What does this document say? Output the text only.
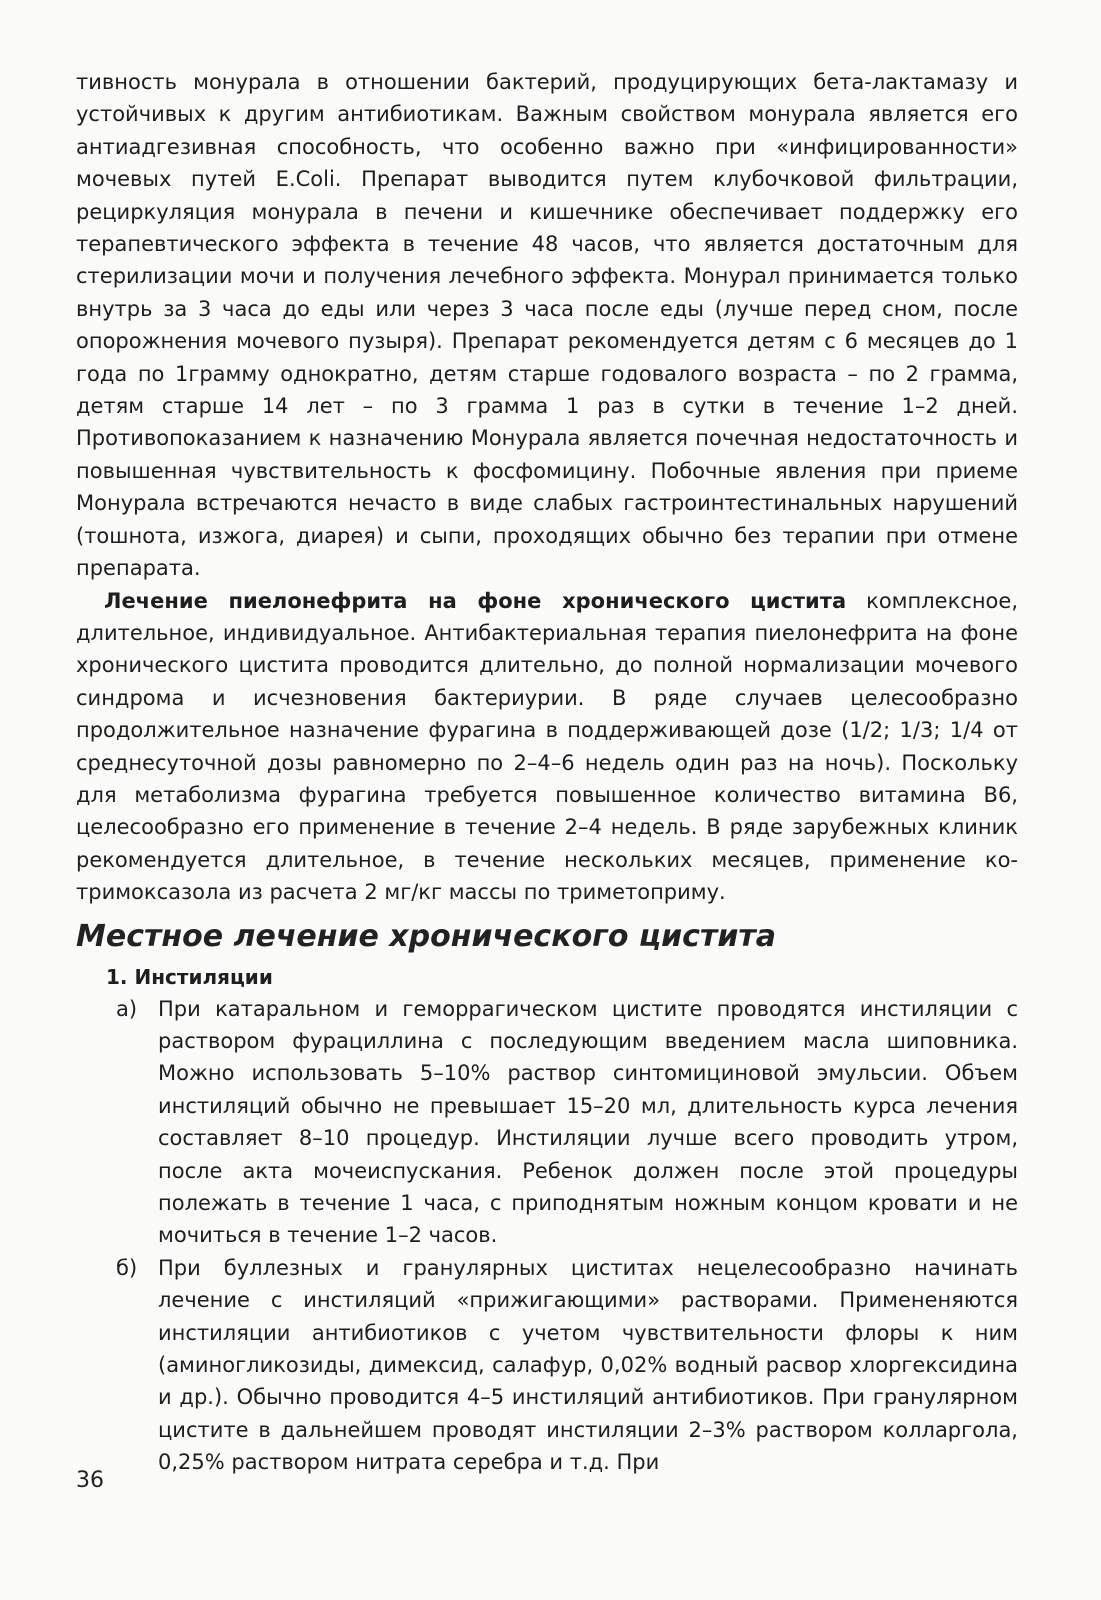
тивность монурала в отношении бактерий, продуцирующих бета-лактамазу и устойчивых к другим антибиотикам. Важным свойством монурала является его антиадгезивная способность, что особенно важно при «инфицированности» мочевых путей E.Coli. Препарат выводится путем клубочковой фильтрации, рециркуляция монурала в печени и кишечнике обеспечивает поддержку его терапевтического эффекта в течение 48 часов, что является достаточным для стерилизации мочи и получения лечебного эффекта. Монурал принимается только внутрь за 3 часа до еды или через 3 часа после еды (лучше перед сном, после опорожнения мочевого пузыря). Препарат рекомендуется детям с 6 месяцев до 1 года по 1грамму однократно, детям старше годовалого возраста – по 2 грамма, детям старше 14 лет – по 3 грамма 1 раз в сутки в течение 1–2 дней. Противопоказанием к назначению Монурала является почечная недостаточность и повышенная чувствительность к фосфомицину. Побочные явления при приеме Монурала встречаются нечасто в виде слабых гастроинтестинальных нарушений (тошнота, изжога, диарея) и сыпи, проходящих обычно без терапии при отмене препарата.

Лечение пиелонефрита на фоне хронического цистита комплексное, длительное, индивидуальное. Антибактериальная терапия пиелонефрита на фоне хронического цистита проводится длительно, до полной нормализации мочевого синдрома и исчезновения бактериурии. В ряде случаев целесообразно продолжительное назначение фурагина в поддерживающей дозе (1/2; 1/3; 1/4 от среднесуточной дозы равномерно по 2–4–6 недель один раз на ночь). Поскольку для метаболизма фурагина требуется повышенное количество витамина В6, целесообразно его применение в течение 2–4 недель. В ряде зарубежных клиник рекомендуется длительное, в течение нескольких месяцев, применение ко-тримоксазола из расчета 2 мг/кг массы по триметоприму.

Местное лечение хронического цистита

1. Инстиляции

а) При катаральном и геморрагическом цистите проводятся инстиляции с раствором фурациллина с последующим введением масла шиповника. Можно использовать 5–10% раствор синтомициновой эмульсии. Объем инстиляций обычно не превышает 15–20 мл, длительность курса лечения составляет 8–10 процедур. Инстиляции лучше всего проводить утром, после акта мочеиспускания. Ребенок должен после этой процедуры полежать в течение 1 часа, с приподнятым ножным концом кровати и не мочиться в течение 1–2 часов.

б) При буллезных и гранулярных циститах нецелесообразно начинать лечение с инстиляций «прижигающими» растворами. Примененяются инстиляции антибиотиков с учетом чувствительности флоры к ним (аминогликозиды, димексид, салафур, 0,02% водный расвор хлоргексидина и др.). Обычно проводится 4–5 инстиляций антибиотиков. При гранулярном цистите в дальнейшем проводят инстиляции 2–3% раствором колларгола, 0,25% раствором нитрата серебра и т.д. При

36
